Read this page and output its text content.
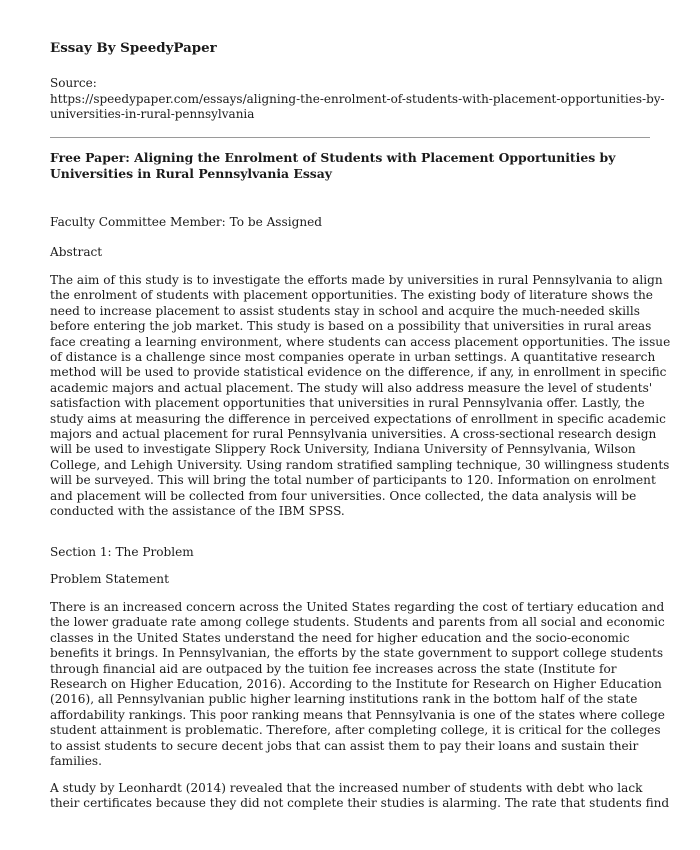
Essay By SpeedyPaper

Source:

https://speedypaper.com/essays/aligning-the-enrolment-of-students-with-placement-opportunities-by-
universities-in-rural-pennsylvania

Free Paper: Aligning the Enrolment of Students with Placement Opportunities by Universities in Rural Pennsylvania Essay

Faculty Committee Member: To be Assigned

Abstract

The aim of this study is to investigate the efforts made by universities in rural Pennsylvania to align
the enrolment of students with placement opportunities. The existing body of literature shows the
need to increase placement to assist students stay in school and acquire the much-needed skills
before entering the job market. This study is based on a possibility that universities in rural areas
face creating a learning environment, where students can access placement opportunities. The issue
of distance is a challenge since most companies operate in urban settings. A quantitative research
method will be used to provide statistical evidence on the difference, if any, in enrollment in specific
academic majors and actual placement. The study will also address measure the level of students'
satisfaction with placement opportunities that universities in rural Pennsylvania offer. Lastly, the
study aims at measuring the difference in perceived expectations of enrollment in specific academic
majors and actual placement for rural Pennsylvania universities. A cross-sectional research design
will be used to investigate Slippery Rock University, Indiana University of Pennsylvania, Wilson
College, and Lehigh University. Using random stratified sampling technique, 30 willingness students
will be surveyed. This will bring the total number of participants to 120. Information on enrolment
and placement will be collected from four universities. Once collected, the data analysis will be
conducted with the assistance of the IBM SPSS.

Section 1: The Problem

Problem Statement

There is an increased concern across the United States regarding the cost of tertiary education and
the lower graduate rate among college students. Students and parents from all social and economic
classes in the United States understand the need for higher education and the socio-economic
benefits it brings. In Pennsylvanian, the efforts by the state government to support college students
through financial aid are outpaced by the tuition fee increases across the state (Institute for
Research on Higher Education, 2016). According to the Institute for Research on Higher Education
(2016), all Pennsylvanian public higher learning institutions rank in the bottom half of the state
affordability rankings. This poor ranking means that Pennsylvania is one of the states where college
student attainment is problematic. Therefore, after completing college, it is critical for the colleges
to assist students to secure decent jobs that can assist them to pay their loans and sustain their
families.
A study by Leonhardt (2014) revealed that the increased number of students with debt who lack
their certificates because they did not complete their studies is alarming. The rate that students find
